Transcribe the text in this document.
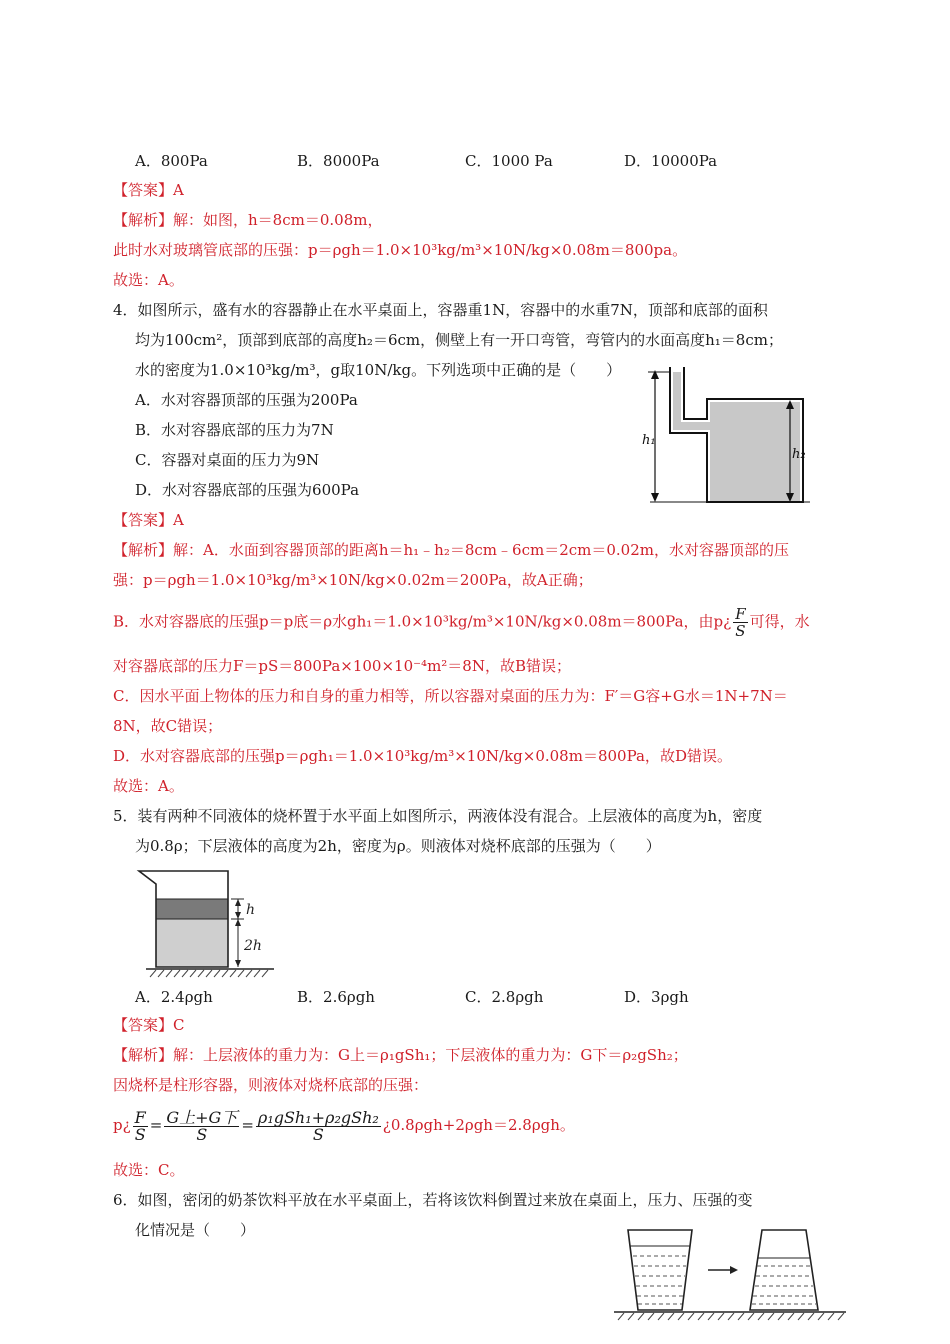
A．800Pa	B．8000Pa	C．1000 Pa	D．10000Pa
【答案】A
【解析】解：如图，h＝8cm＝0.08m，
此时水对玻璃管底部的压强：p＝ρgh＝1.0×10³kg/m³×10N/kg×0.08m＝800pa。
故选：A。
4．如图所示，盛有水的容器静止在水平桌面上，容器重1N，容器中的水重7N，顶部和底部的面积
均为100cm²，顶部到底部的高度h₂＝6cm，侧壁上有一开口弯管，弯管内的水面高度h₁＝8cm；
水的密度为1.0×10³kg/m³，g取10N/kg。下列选项中正确的是（　　）
A．水对容器顶部的压强为200Pa
B．水对容器底部的压力为7N
C．容器对桌面的压力为9N
D．水对容器底部的压强为600Pa
h₁
h₂
【答案】A
【解析】解：A．水面到容器顶部的距离h＝h₁﹣h₂＝8cm﹣6cm＝2cm＝0.02m，水对容器顶部的压
强：p＝ρgh＝1.0×10³kg/m³×10N/kg×0.02m＝200Pa，故A正确；
B．水对容器底的压强p＝p底＝ρ水gh₁＝1.0×10³kg/m³×10N/kg×0.08m＝800Pa，由p¿ $\frac{F}{S}$ 可得，水
对容器底部的压力F＝pS＝800Pa×100×10⁻⁴m²＝8N，故B错误；
C．因水平面上物体的压力和自身的重力相等，所以容器对桌面的压力为：F′＝G容+G水＝1N+7N＝
8N，故C错误；
D．水对容器底部的压强p＝ρgh₁＝1.0×10³kg/m³×10N/kg×0.08m＝800Pa，故D错误。
故选：A。
5．装有两种不同液体的烧杯置于水平面上如图所示，两液体没有混合。上层液体的高度为h，密度
为0.8ρ；下层液体的高度为2h，密度为ρ。则液体对烧杯底部的压强为（　　）
h
2h
A．2.4ρgh	B．2.6ρgh	C．2.8ρgh	D．3ρgh
【答案】C
【解析】解：上层液体的重力为：G上＝ρ₁gSh₁；下层液体的重力为：G下＝ρ₂gSh₂；
因烧杯是柱形容器，则液体对烧杯底部的压强：
p¿ $\frac{F}{S} = \frac{\text{G上+G下}}{S} = \frac{\text{ρ₁gSh₁+ρ₂gSh₂}}{S}$ ¿0.8ρgh+2ρgh＝2.8ρgh。
故选：C。
6．如图，密闭的奶茶饮料平放在水平桌面上，若将该饮料倒置过来放在桌面上，压力、压强的变
化情况是（　　）
